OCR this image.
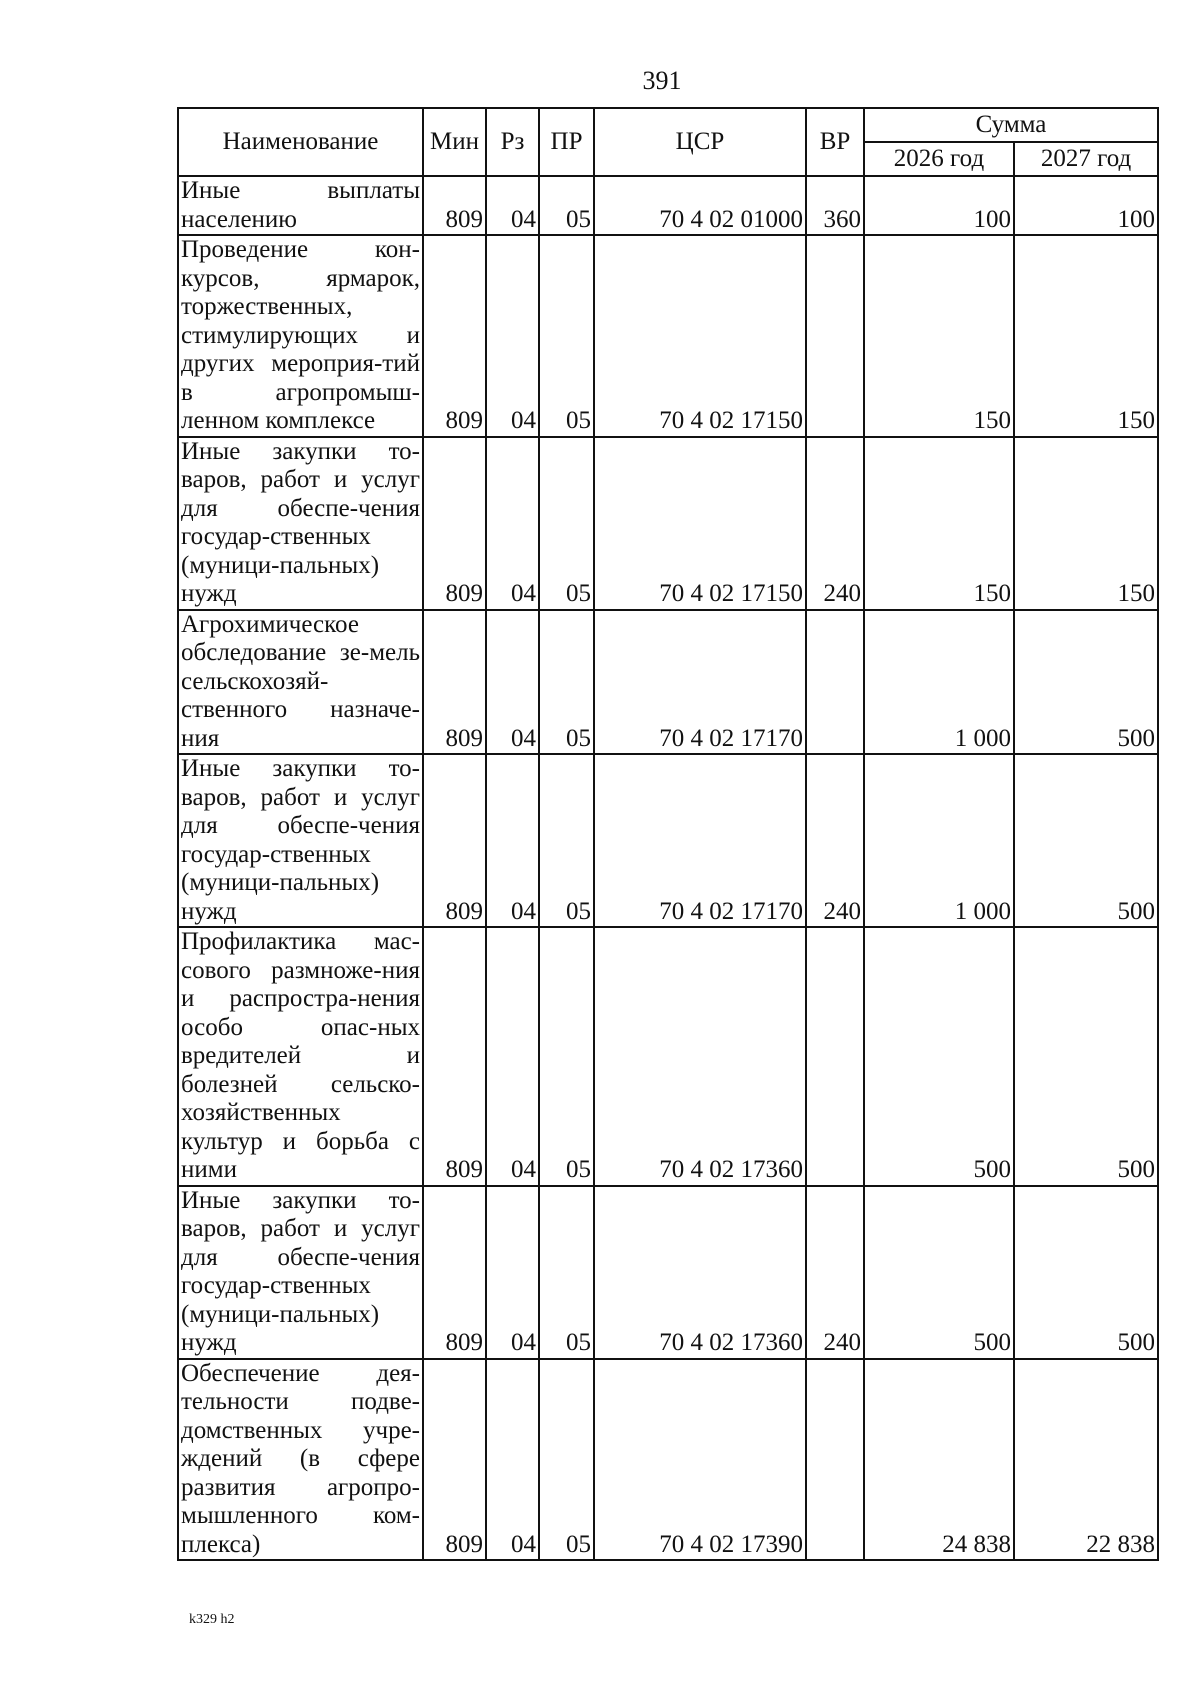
391
Наименование	Мин	Рз	ПР	ЦСР	ВР	Сумма	
						2026 год	2027 год
Иные выплаты населению	809	04	05	70 4 02 01000	360	100	100
Проведение кон-курсов, ярмарок, торжественных, стимулирующих и других мероприя-тий в агропромыш-ленном комплексе	809	04	05	70 4 02 17150		150	150
Иные закупки то-варов, работ и услуг для обеспе-чения государ-ственных (муници-пальных) нужд	809	04	05	70 4 02 17150	240	150	150
Агрохимическое обследование зе-мель сельскохозяй-ственного назначе-ния	809	04	05	70 4 02 17170		1 000	500
Иные закупки то-варов, работ и услуг для обеспе-чения государ-ственных (муници-пальных) нужд	809	04	05	70 4 02 17170	240	1 000	500
Профилактика мас-сового размноже-ния и распростра-нения особо опас-ных вредителей и болезней сельско-хозяйственных культур и борьба с ними	809	04	05	70 4 02 17360		500	500
Иные закупки то-варов, работ и услуг для обеспе-чения государ-ственных (муници-пальных) нужд	809	04	05	70 4 02 17360	240	500	500
Обеспечение дея-тельности подве-домственных учре-ждений (в сфере развития агропро-мышленного ком-плекса)	809	04	05	70 4 02 17390		24 838	22 838
k329 h2
